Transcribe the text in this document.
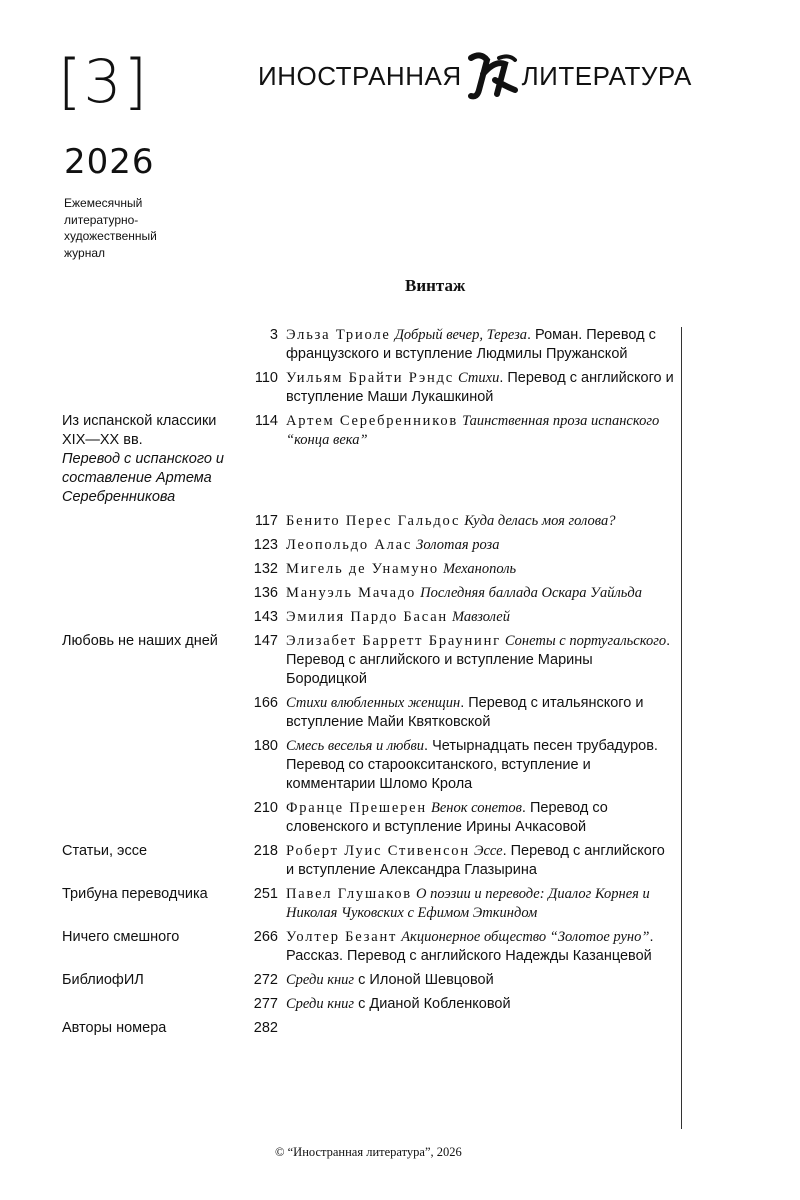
[3]
2026
Ежемесячный литературно-художественный журнал
ИНОСТРАННАЯ	ИЛ ЛИТЕРАТУРА
Винтаж
3 Эльза Триоле Добрый вечер, Тереза. Роман. Перевод с французского и вступление Людмилы Пружанской
110 Уильям Брайти Рэндс Стихи. Перевод с английского и вступление Маши Лукашкиной
Из испанской классики XIX—XX вв.
Перевод с испанского и составление Артема Серебренникова
114 Артем Серебренников Таинственная проза испанского “конца века”
117 Бенито Перес Гальдос Куда делась моя голова?
123 Леопольдо Алас Золотая роза
132 Мигель де Унамуно Механополь
136 Мануэль Мачадо Последняя баллада Оскара Уайльда
143 Эмилия Пардо Басан Мавзолей
Любовь не наших дней	147 Элизабет Барретт Браунинг Сонеты с португальского. Перевод с английского и вступление Марины Бородицкой
166 Стихи влюбленных женщин. Перевод с итальянского и вступление Майи Квятковской
180 Смесь веселья и любви. Четырнадцать песен трубадуров. Перевод со староокситанского, вступление и комментарии Шломо Крола
210 Франце Прешерен Венок сонетов. Перевод со словенского и вступление Ирины Ачкасовой
Статьи, эссе	218 Роберт Луис Стивенсон Эссе. Перевод с английского и вступление Александра Глазырина
Трибуна переводчика	251 Павел Глушаков О поэзии и переводе: Диалог Корнея и Николая Чуковских с Ефимом Эткиндом
Ничего смешного	266 Уолтер Безант Акционерное общество “Золотое руно”. Рассказ. Перевод с английского Надежды Казанцевой
БиблиофИЛ	272 Среди книг с Илоной Шевцовой
277 Среди книг с Дианой Кобленковой
Авторы номера	282
© “Иностранная литература”, 2026
